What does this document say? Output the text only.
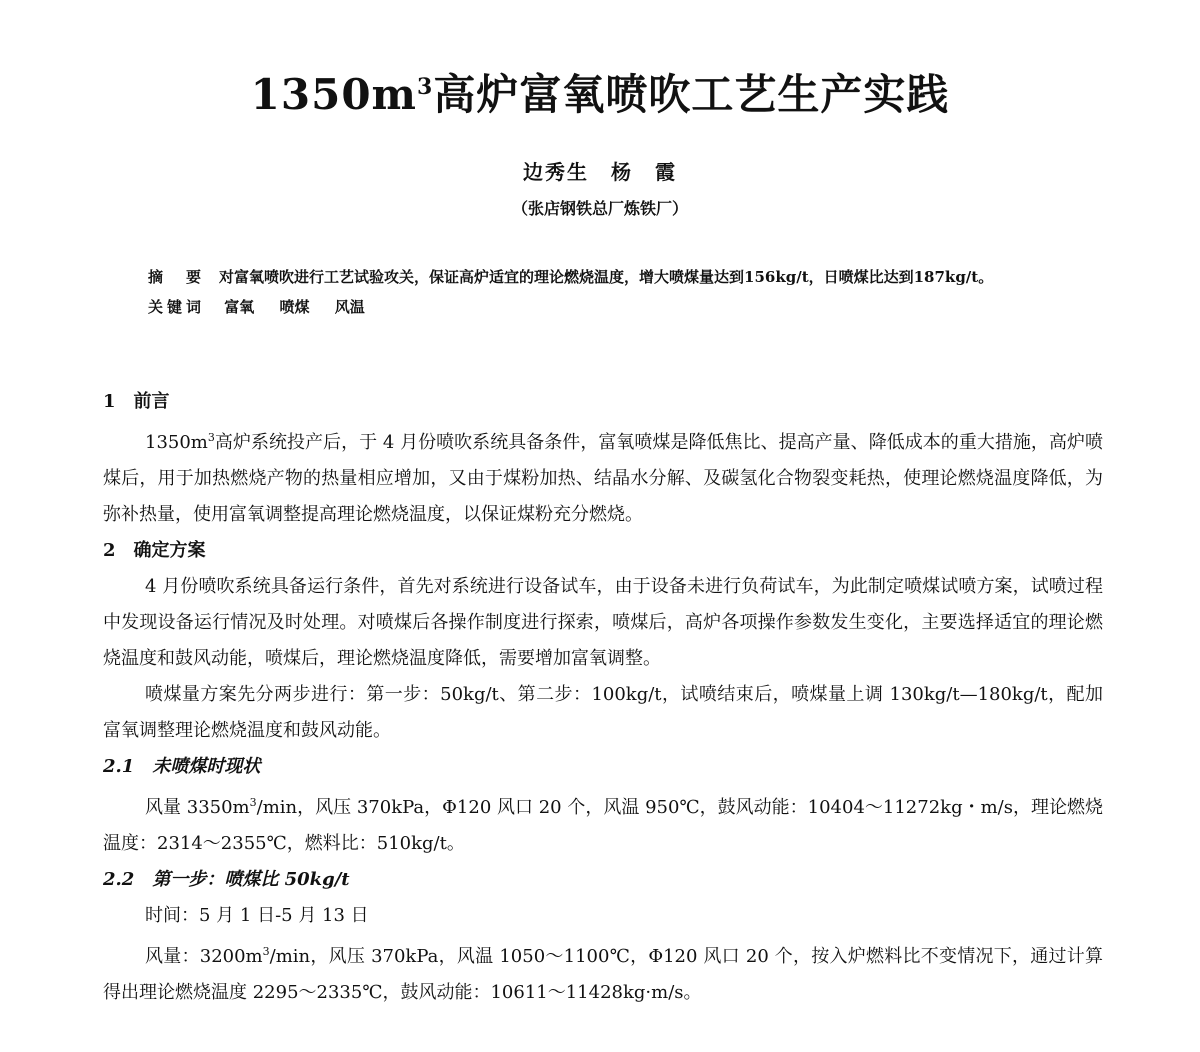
$1350m^3$高炉富氧喷吹工艺生产实践
边秀生　杨　霞
（张店钢铁总厂炼铁厂）
摘　要 对富氧喷吹进行工艺试验攻关，保证高炉适宜的理论燃烧温度，增大喷煤量达到156kg/t，日喷煤比达到187kg/t。
关键词 富氧 喷煤 风温
1　前言
$1350m^3$高炉系统投产后，于 4 月份喷吹系统具备条件，富氧喷煤是降低焦比、提高产量、降低成本的重大措施，高炉喷煤后，用于加热燃烧产物的热量相应增加，又由于煤粉加热、结晶水分解、及碳氢化合物裂变耗热，使理论燃烧温度降低，为弥补热量，使用富氧调整提高理论燃烧温度，以保证煤粉充分燃烧。
2　确定方案
4 月份喷吹系统具备运行条件，首先对系统进行设备试车，由于设备未进行负荷试车，为此制定喷煤试喷方案，试喷过程中发现设备运行情况及时处理。对喷煤后各操作制度进行探索，喷煤后，高炉各项操作参数发生变化，主要选择适宜的理论燃烧温度和鼓风动能，喷煤后，理论燃烧温度降低，需要增加富氧调整。
喷煤量方案先分两步进行：第一步：50kg/t、第二步：100kg/t，试喷结束后，喷煤量上调 130kg/t—180kg/t，配加富氧调整理论燃烧温度和鼓风动能。
2.1　未喷煤时现状
风量 $3350m^3/\min$，风压 370kPa，Φ120 风口 20 个，风温 950℃，鼓风动能：10404～11272kg・m/s，理论燃烧温度：2314～2355℃，燃料比：510kg/t。
2.2　第一步：喷煤比 50kg/t
时间：5 月 1 日-5 月 13 日
风量：$3200m^3/\min$，风压 370kPa，风温 1050～1100℃，Φ120 风口 20 个，按入炉燃料比不变情况下，通过计算得出理论燃烧温度 2295～2335℃，鼓风动能：10611～11428kg·m/s。
